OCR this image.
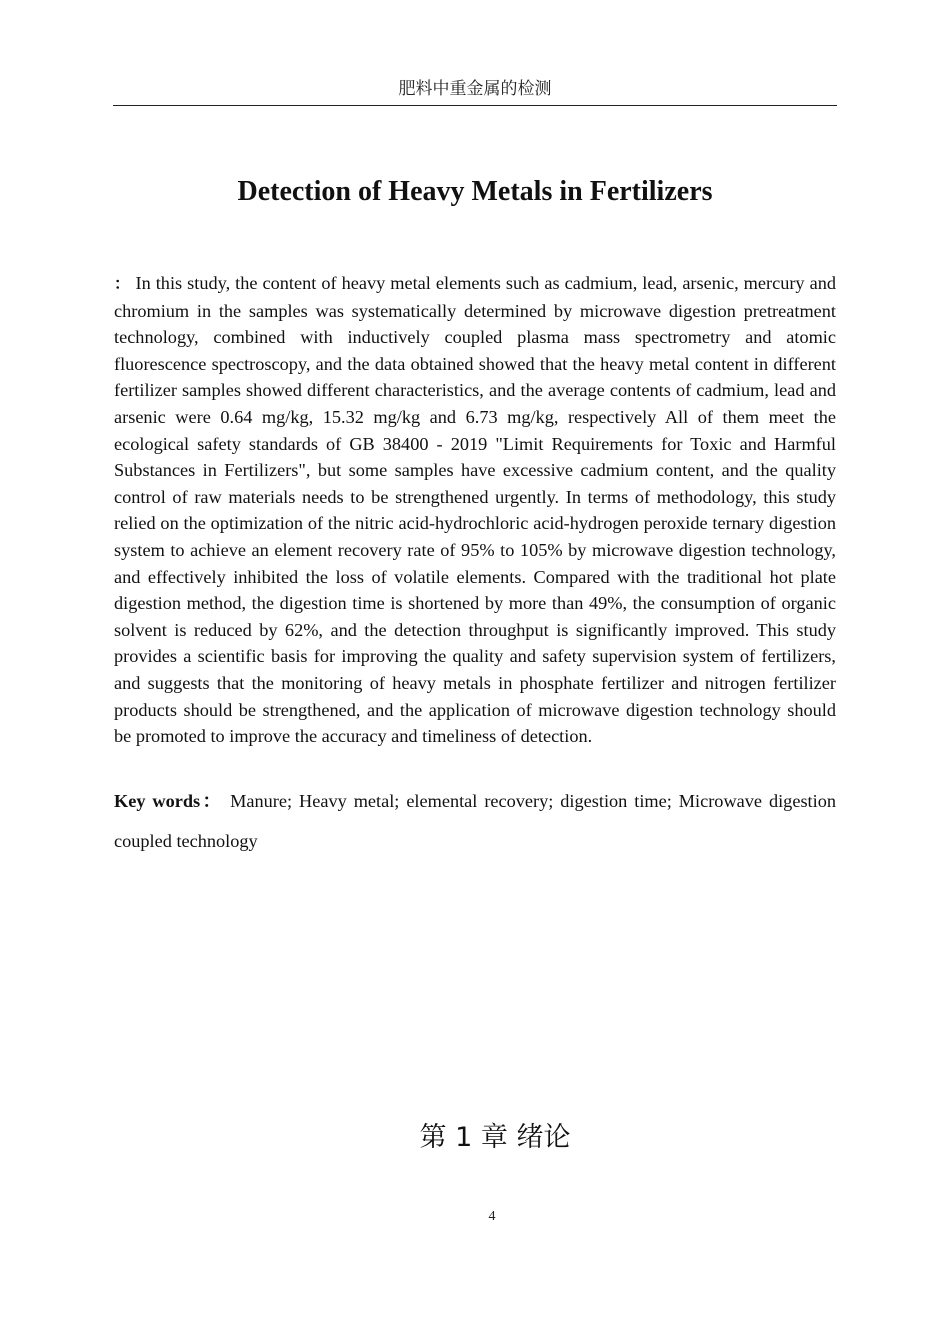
肥料中重金属的检测
Detection of Heavy Metals in Fertilizers

： In this study, the content of heavy metal elements such as cadmium, lead, arsenic, mercury and chromium in the samples was systematically determined by microwave digestion pretreatment technology, combined with inductively coupled plasma mass spectrometry and atomic fluorescence spectroscopy, and the data obtained showed that the heavy metal content in different fertilizer samples showed different characteristics, and the average contents of cadmium, lead and arsenic were 0.64 mg/kg, 15.32 mg/kg and 6.73 mg/kg, respectively All of them meet the ecological safety standards of GB 38400 - 2019 "Limit Requirements for Toxic and Harmful Substances in Fertilizers", but some samples have excessive cadmium content, and the quality control of raw materials needs to be strengthened urgently. In terms of methodology, this study relied on the optimization of the nitric acid-hydrochloric acid-hydrogen peroxide ternary digestion system to achieve an element recovery rate of 95% to 105% by microwave digestion technology, and effectively inhibited the loss of volatile elements. Compared with the traditional hot plate digestion method, the digestion time is shortened by more than 49%, the consumption of organic solvent is reduced by 62%, and the detection throughput is significantly improved. This study provides a scientific basis for improving the quality and safety supervision system of fertilizers, and suggests that the monitoring of heavy metals in phosphate fertilizer and nitrogen fertilizer products should be strengthened, and the application of microwave digestion technology should be promoted to improve the accuracy and timeliness of detection.

Key words： Manure; Heavy metal; elemental recovery; digestion time; Microwave digestion coupled technology

第 1 章 绪论
4
